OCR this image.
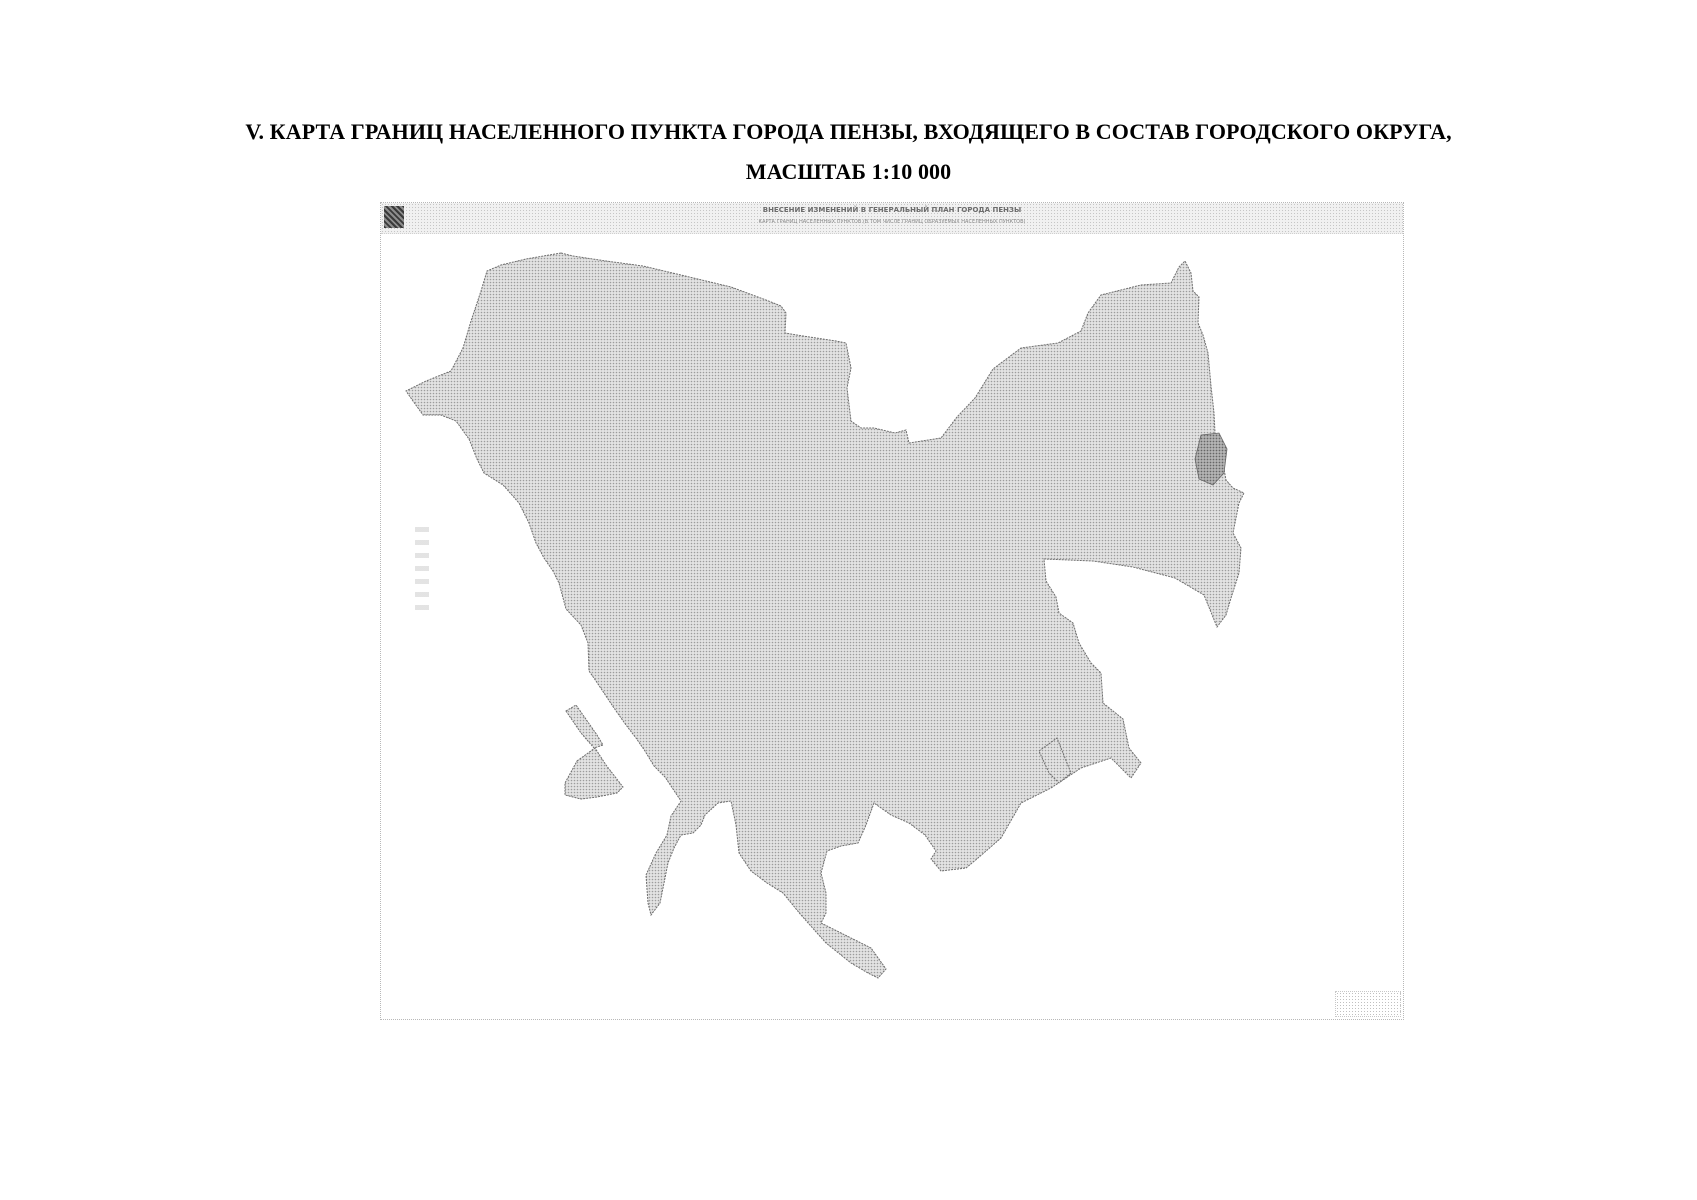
V. КАРТА ГРАНИЦ НАСЕЛЕННОГО ПУНКТА ГОРОДА ПЕНЗЫ, ВХОДЯЩЕГО В СОСТАВ ГОРОДСКОГО ОКРУГА,
МАСШТАБ 1:10 000
ВНЕСЕНИЕ ИЗМЕНЕНИЙ В ГЕНЕРАЛЬНЫЙ ПЛАН ГОРОДА ПЕНЗЫ
КАРТА ГРАНИЦ НАСЕЛЕННЫХ ПУНКТОВ (В ТОМ ЧИСЛЕ ГРАНИЦ ОБРАЗУЕМЫХ НАСЕЛЕННЫХ ПУНКТОВ)
